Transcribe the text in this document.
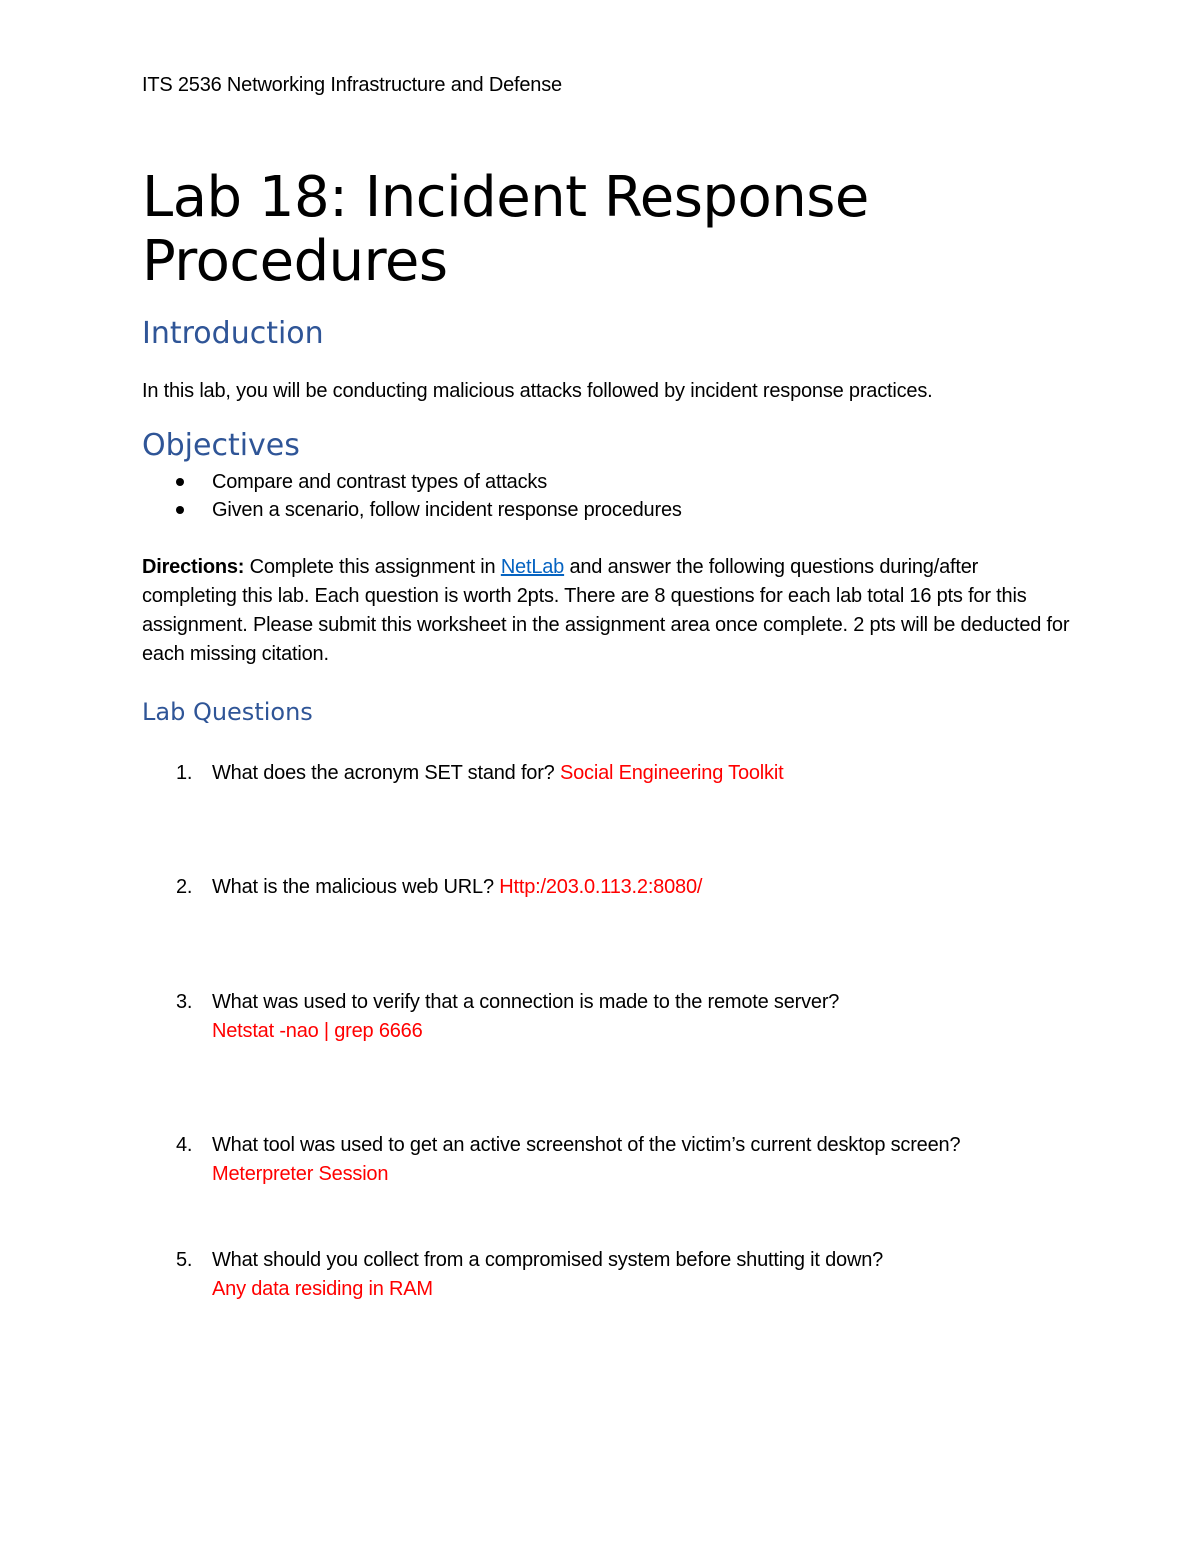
ITS 2536 Networking Infrastructure and Defense
Lab 18: Incident Response
Procedures
Introduction
In this lab, you will be conducting malicious attacks followed by incident response practices.
Objectives
Compare and contrast types of attacks
Given a scenario, follow incident response procedures
Directions: Complete this assignment in NetLab and answer the following questions during/after completing this lab. Each question is worth 2pts. There are 8 questions for each lab total 16 pts for this assignment. Please submit this worksheet in the assignment area once complete. 2 pts will be deducted for each missing citation.
Lab Questions
1. What does the acronym SET stand for? Social Engineering Toolkit
2. What is the malicious web URL? Http:/203.0.113.2:8080/
3. What was used to verify that a connection is made to the remote server?
Netstat -nao | grep 6666
4. What tool was used to get an active screenshot of the victim’s current desktop screen?
Meterpreter Session
5. What should you collect from a compromised system before shutting it down?
Any data residing in RAM
